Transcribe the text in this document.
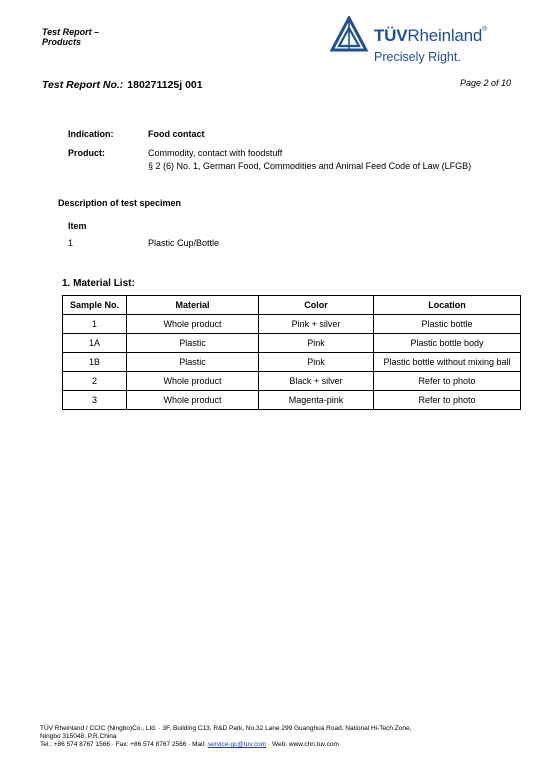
Test Report –
Products	TÜVRheinland®
Precisely Right.
Test Report No.: 180271125j 001	Page 2 of 10
Indication:	Food contact
Product:	Commodity, contact with foodstuff
§ 2 (6) No. 1, German Food, Commodities and Animal Feed Code of Law (LFGB)
Description of test specimen
Item
1	Plastic Cup/Bottle
1. Material List:
Sample No.	Material	Color	Location
1	Whole product	Pink + silver	Plastic bottle
1A	Plastic	Pink	Plastic bottle body
1B	Plastic	Pink	Plastic bottle without mixing ball
2	Whole product	Black + silver	Refer to photo
3	Whole product	Magenta-pink	Refer to photo
TÜV Rheinland / CCIC (Ningbo)Co., Ltd. · 3F, Building C13, R&D Park, No.32 Lane 299 Guanghua Road, National Hi-Tech Zone,
Ningbo 315048, P.R.China
Tel.: +86 574 8767 1566 · Fax: +86 574 8767 2566 · Mail: service-gc@tuv.com · Web: www.chn.tuv.com
